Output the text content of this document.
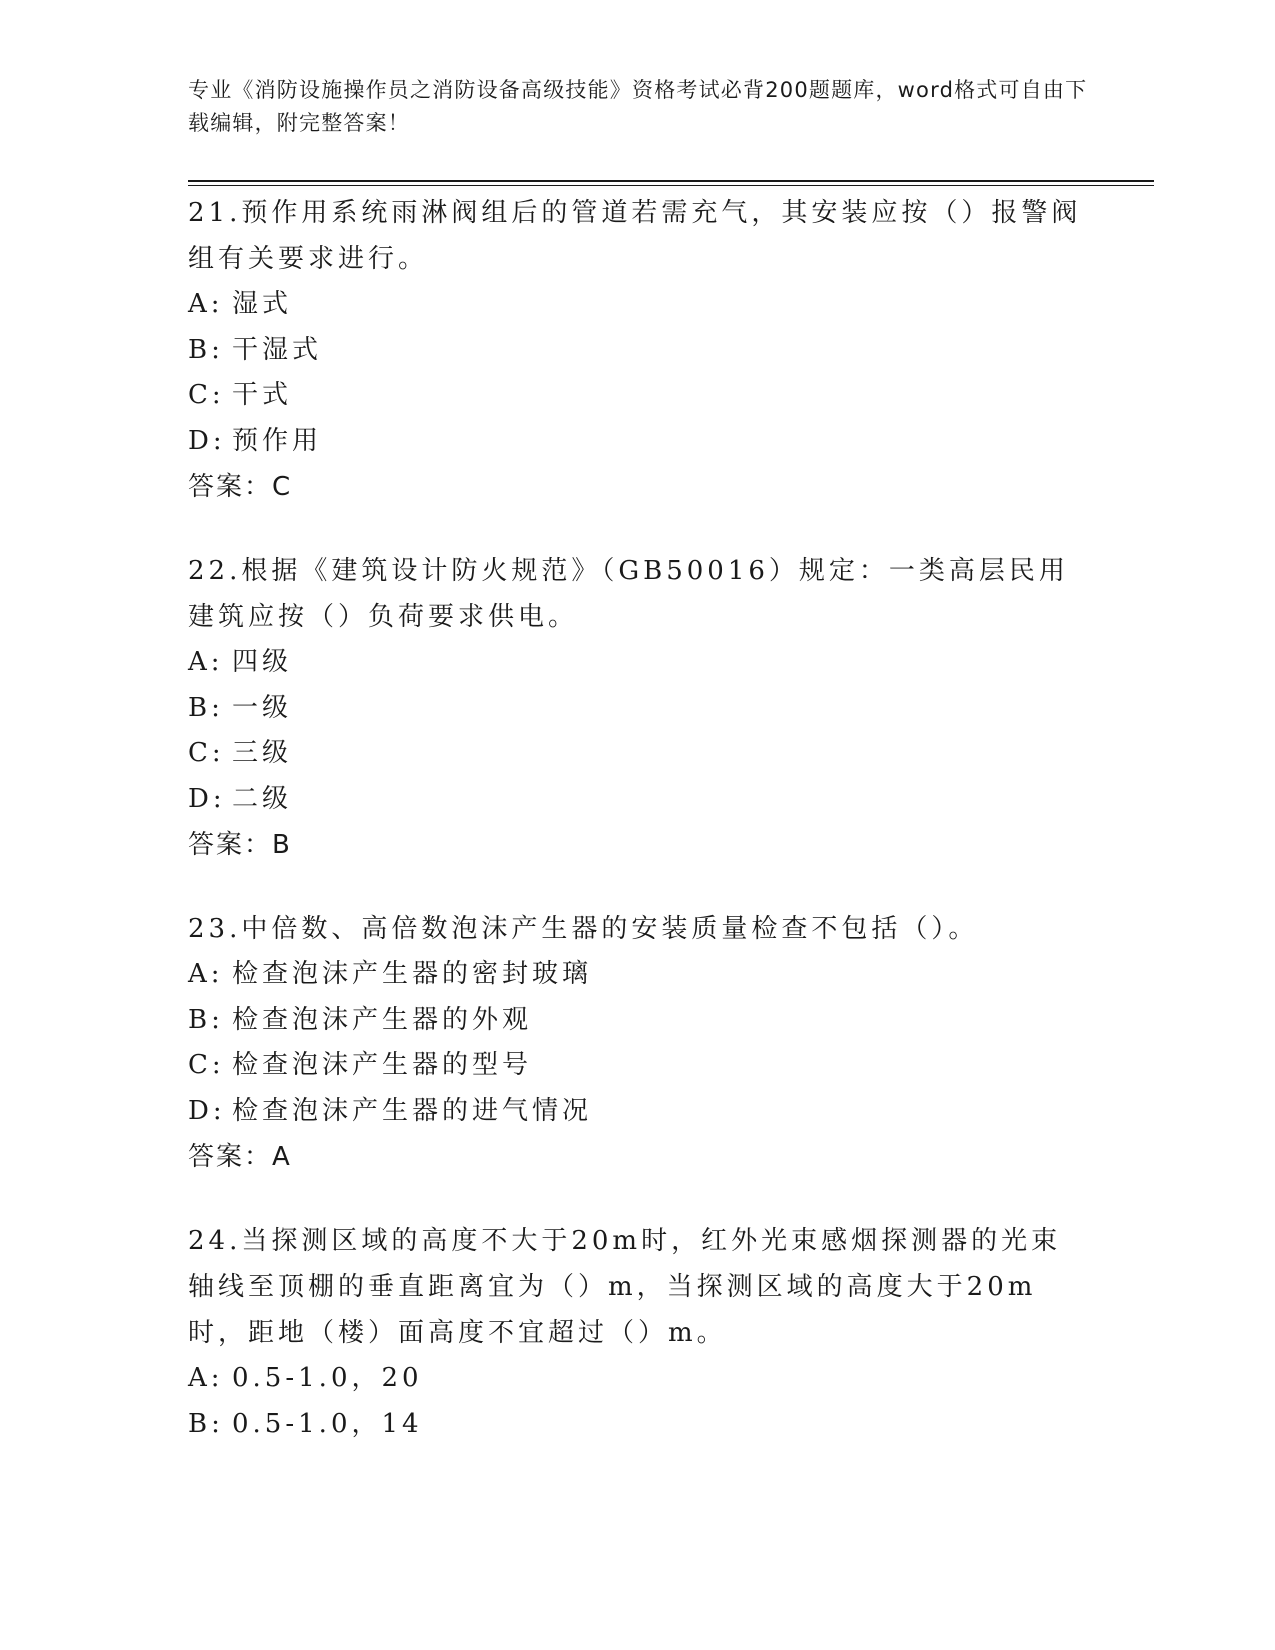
专业《消防设施操作员之消防设备高级技能》资格考试必背200题题库，word格式可自由下载编辑，附完整答案！
21.预作用系统雨淋阀组后的管道若需充气，其安装应按（）报警阀组有关要求进行。
A: 湿式
B: 干湿式
C: 干式
D: 预作用
答案：C
22.根据《建筑设计防火规范》（GB50016）规定：一类高层民用建筑应按（）负荷要求供电。
A: 四级
B: 一级
C: 三级
D: 二级
答案：B
23.中倍数、高倍数泡沫产生器的安装质量检查不包括（）。
A: 检查泡沫产生器的密封玻璃
B: 检查泡沫产生器的外观
C: 检查泡沫产生器的型号
D: 检查泡沫产生器的进气情况
答案：A
24.当探测区域的高度不大于20m时，红外光束感烟探测器的光束轴线至顶棚的垂直距离宜为（）m，当探测区域的高度大于20m时，距地（楼）面高度不宜超过（）m。
A: 0.5-1.0，20
B: 0.5-1.0，14
